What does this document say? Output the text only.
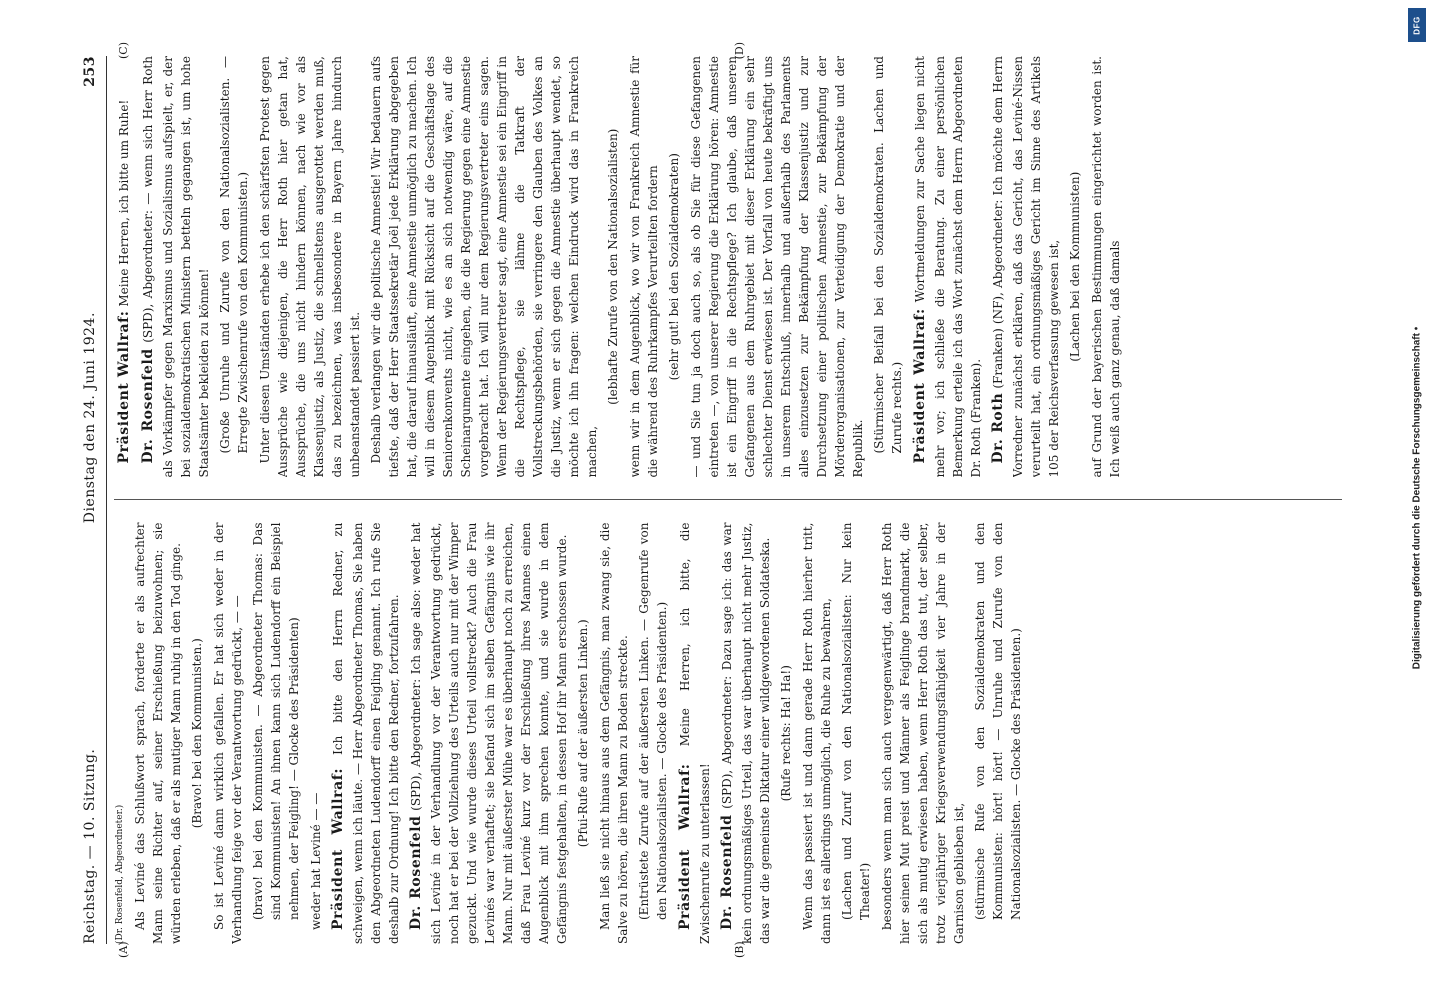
Reichstag. — 10. Sitzung.
Dienstag den 24. Juni 1924.
253
(A)	(B)
(C)	(D)

(Dr. Rosenfeld, Abgeordneter.) Als Leviné das Schlußwort sprach, forderte er als aufrechter Mann seine Richter auf, seiner Erschießung beizuwohnen; sie würden erleben, daß er als mutiger Mann ruhig in den Tod ginge. (Bravo! bei den Kommunisten.) So ist Leviné dann wirklich gefallen. Er hat sich weder in der Verhandlung feige vor der Verantwortung gedrückt, — — (bravo! bei den Kommunisten. — Abgeordneter Thomas: Das sind Kommunisten! An ihnen kann sich Ludendorff ein Beispiel nehmen, der Feigling! — Glocke des Präsidenten) weder hat Leviné — — Präsident Wallraf: Ich bitte den Herrn Redner, zu schweigen, wenn ich läute. — Herr Abgeordneter Thomas, Sie haben den Abgeordneten Ludendorff einen Feigling genannt. Ich rufe Sie deshalb zur Ordnung! Ich bitte den Redner, fortzufahren. Dr. Rosenfeld (SPD), Abgeordneter: Ich sage also: weder hat sich Leviné in der Verhandlung vor der Verantwortung gedrückt, noch hat er bei der Vollziehung des Urteils auch nur mit der Wimper gezuckt. Und wie wurde dieses Urteil vollstreckt? Auch die Frau Levinés war verhaftet; sie befand sich im selben Gefängnis wie ihr Mann. Nur mit äußerster Mühe war es überhaupt noch zu erreichen, daß Frau Leviné kurz vor der Erschießung ihres Mannes einen Augenblick mit ihm sprechen konnte, und sie wurde in dem Gefängnis festgehalten, in dessen Hof ihr Mann erschossen wurde. (Pfui-Rufe auf der äußersten Linken.) Man ließ sie nicht hinaus aus dem Gefängnis, man zwang sie, die Salve zu hören, die ihren Mann zu Boden streckte. (Entrüstete Zurufe auf der äußersten Linken. — Gegenrufe von den Nationalsozialisten. — Glocke des Präsidenten.) Präsident Wallraf: Meine Herren, ich bitte, die Zwischenrufe zu unterlassen! Dr. Rosenfeld (SPD), Abgeordneter: Dazu sage ich: das war kein ordnungsmäßiges Urteil, das war überhaupt nicht mehr Justiz, das war die gemeinste Diktatur einer wildgewordenen Soldateska. (Rufe rechts: Ha! Ha!) Wenn das passiert ist und dann gerade Herr Roth hierher tritt, dann ist es allerdings unmöglich, die Ruhe zu bewahren, (Lachen und Zuruf von den Nationalsozialisten: Nur kein Theater!) besonders wenn man sich auch vergegenwärtigt, daß Herr Roth hier seinen Mut preist und Männer als Feiglinge brandmarkt, die sich als mutig erwiesen haben, wenn Herr Roth das tut, der selber, trotz vierjähriger Kriegsverwendungsfähigkeit vier Jahre in der Garnison geblieben ist, (stürmische Rufe von den Sozialdemokraten und den Kommunisten: hört! hört! — Unruhe und Zurufe von den Nationalsozialisten. — Glocke des Präsidenten.)

Präsident Wallraf: Meine Herren, ich bitte um Ruhe!

Dr. Rosenfeld (SPD), Abgeordneter: — wenn sich Herr Roth als Vorkämpfer gegen Marxismus und Sozialismus aufspielt, er, der bei sozialdemokratischen Ministern betteln gegangen ist, um hohe Staatsämter bekleiden zu können! (Große Unruhe und Zurufe von den Nationalsozialisten. — Erregte Zwischenrufe von den Kommunisten.) Unter diesen Umständen erhebe ich den schärfsten Protest gegen Aussprüche wie diejenigen, die Herr Roth hier getan hat, Aussprüche, die uns nicht hindern können, nach wie vor als Klassenjustiz, als Justiz, die schnellstens ausgerottet werden muß, das zu bezeichnen, was insbesondere in Bayern Jahre hindurch unbeanstandet passiert ist. Deshalb verlangen wir die politische Amnestie! Wir bedauern aufs tiefste, daß der Herr Staatssekretär Joël jede Erklärung abgegeben hat, die darauf hinausläuft, eine Amnestie unmöglich zu machen. Ich will in diesem Augenblick mit Rücksicht auf die Geschäftslage des Seniorenkonvents nicht, wie es an sich notwendig wäre, auf die Scheinargumente eingehen, die die Regierung gegen eine Amnestie vorgebracht hat. Ich will nur dem Regierungsvertreter eins sagen. Wenn der Regierungsvertreter sagt, eine Amnestie sei ein Eingriff in die Rechtspflege, sie lähme die Tatkraft der Vollstreckungsbehörden, sie verringere den Glauben des Volkes an die Justiz, wenn er sich gegen die Amnestie überhaupt wendet, so möchte ich ihn fragen: welchen Eindruck wird das in Frankreich machen,

(lebhafte Zurufe von den Nationalsozialisten) wenn wir in dem Augenblick, wo wir von Frankreich Amnestie für die während des Ruhrkampfes Verurteilten fordern (sehr gut! bei den Sozialdemokraten) — und Sie tun ja doch auch so, als ob Sie für diese Gefangenen eintreten —, von unserer Regierung die Erklärung hören: Amnestie ist ein Eingriff in die Rechtspflege? Ich glaube, daß unseren Gefangenen aus dem Ruhrgebiet mit dieser Erklärung ein sehr schlechter Dienst erwiesen ist. Der Vorfall von heute bekräftigt uns in unserem Entschluß, innerhalb und außerhalb des Parlaments alles einzusetzen zur Bekämpfung der Klassenjustiz und zur Durchsetzung einer politischen Amnestie, zur Bekämpfung der Mörderorganisationen, zur Verteidigung der Demokratie und der Republik. (Stürmischer Beifall bei den Sozialdemokraten. Lachen und Zurufe rechts.) Präsident Wallraf: Wortmeldungen zur Sache liegen nicht mehr vor; ich schließe die Beratung. Zu einer persönlichen Bemerkung erteile ich das Wort zunächst dem Herrn Abgeordneten Dr. Roth (Franken). Dr. Roth (Franken) (NF), Abgeordneter: Ich möchte dem Herrn Vorredner zunächst erklären, daß das Gericht, das Leviné-Nissen verurteilt hat, ein ordnungsmäßiges Gericht im Sinne des Artikels 105 der Reichsverfassung gewesen ist, (Lachen bei den Kommunisten) auf Grund der bayerischen Bestimmungen eingerichtet worden ist. Ich weiß auch ganz genau, daß damals

DFG
Digitalisierung gefördert durch die Deutsche Forschungsgemeinschaft •
